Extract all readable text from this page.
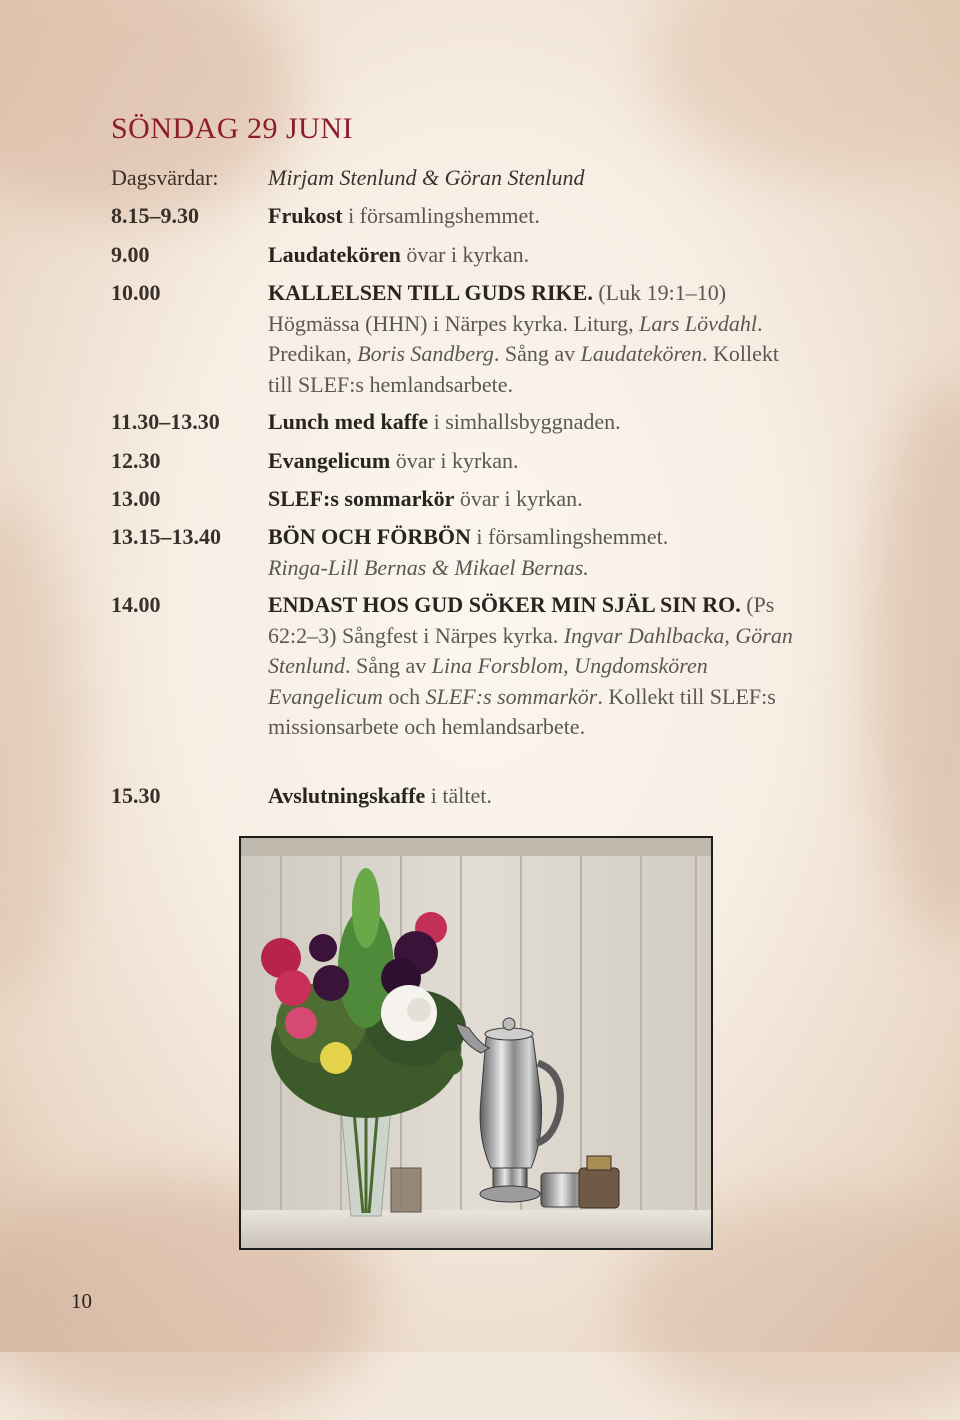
SÖNDAG 29 JUNI
Dagsvärdar:	Mirjam Stenlund & Göran Stenlund
8.15–9.30	Frukost i församlingshemmet.
9.00	Laudatekören övar i kyrkan.
10.00	KALLELSEN TILL GUDS RIKE. (Luk 19:1–10)
Högmässa (HHN) i Närpes kyrka. Liturg, Lars Lövdahl. Predikan, Boris Sandberg. Sång av Laudatekören. Kollekt till SLEF:s hemlandsarbete.
11.30–13.30	Lunch med kaffe i simhallsbyggnaden.
12.30	Evangelicum övar i kyrkan.
13.00	SLEF:s sommarkör övar i kyrkan.
13.15–13.40	BÖN OCH FÖRBÖN i församlingshemmet.
Ringa-Lill Bernas & Mikael Bernas.
14.00	ENDAST HOS GUD SÖKER MIN SJÄL SIN RO. (Ps 62:2–3) Sångfest i Närpes kyrka. Ingvar Dahlbacka, Göran Stenlund. Sång av Lina Forsblom, Ungdomskören Evangelicum och SLEF:s sommarkör. Kollekt till SLEF:s missionsarbete och hemlandsarbete.
15.30	Avslutningskaffe i tältet.
10
